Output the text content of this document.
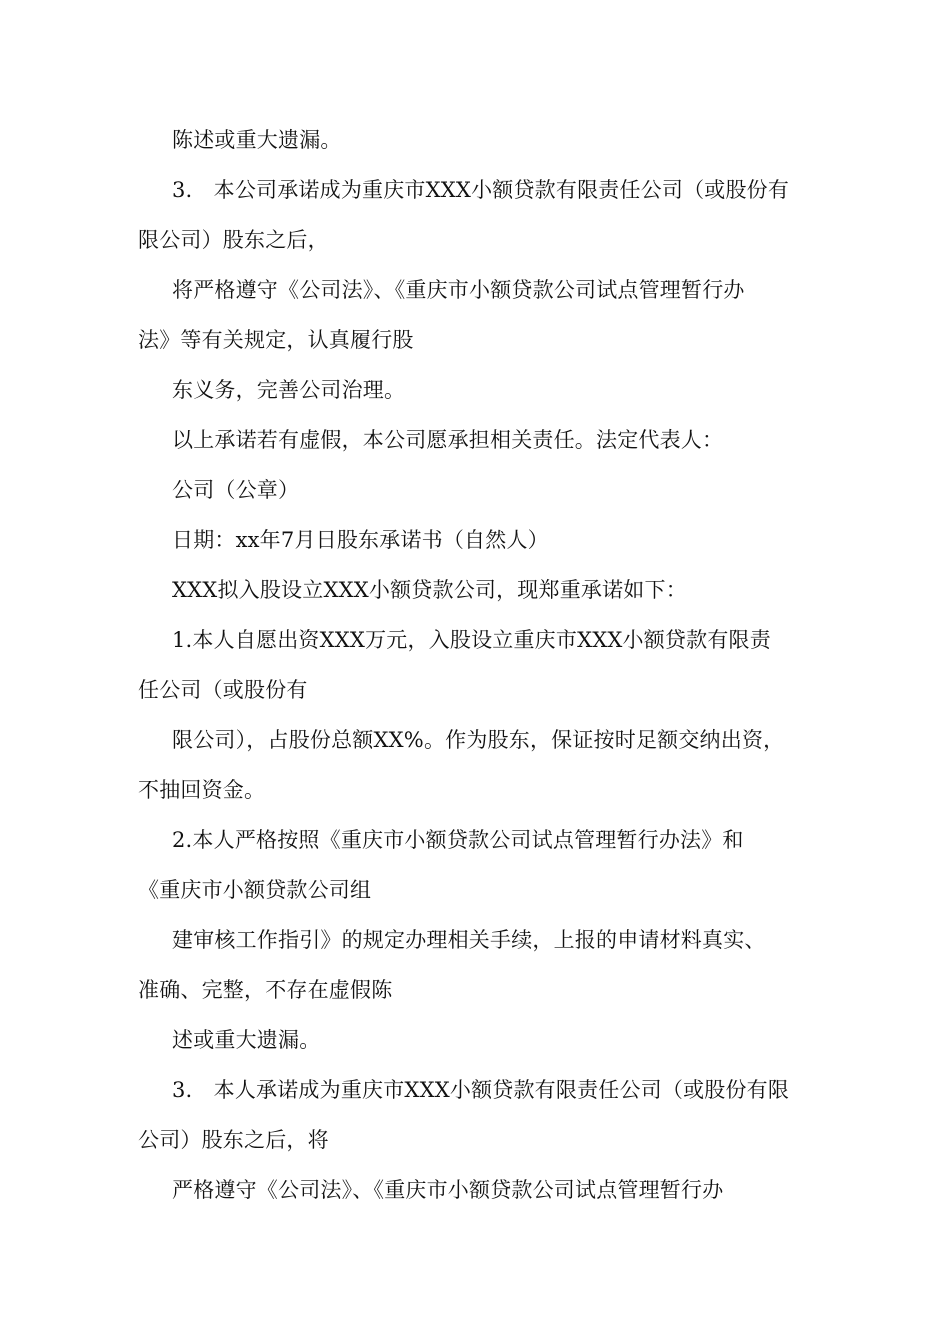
陈述或重大遗漏。
3.　本公司承诺成为重庆市XXX小额贷款有限责任公司（或股份有
限公司）股东之后，
将严格遵守《公司法》、《重庆市小额贷款公司试点管理暂行办
法》等有关规定，认真履行股
东义务，完善公司治理。
以上承诺若有虚假，本公司愿承担相关责任。法定代表人：
公司（公章）
日期：xx年7月日股东承诺书（自然人）
XXX拟入股设立XXX小额贷款公司，现郑重承诺如下：
1.本人自愿出资XXX万元，入股设立重庆市XXX小额贷款有限责
任公司（或股份有
限公司），占股份总额XX%。作为股东，保证按时足额交纳出资，
不抽回资金。
2.本人严格按照《重庆市小额贷款公司试点管理暂行办法》和
《重庆市小额贷款公司组
建审核工作指引》的规定办理相关手续，上报的申请材料真实、
准确、完整，不存在虚假陈
述或重大遗漏。
3.　本人承诺成为重庆市XXX小额贷款有限责任公司（或股份有限
公司）股东之后，将
严格遵守《公司法》、《重庆市小额贷款公司试点管理暂行办
